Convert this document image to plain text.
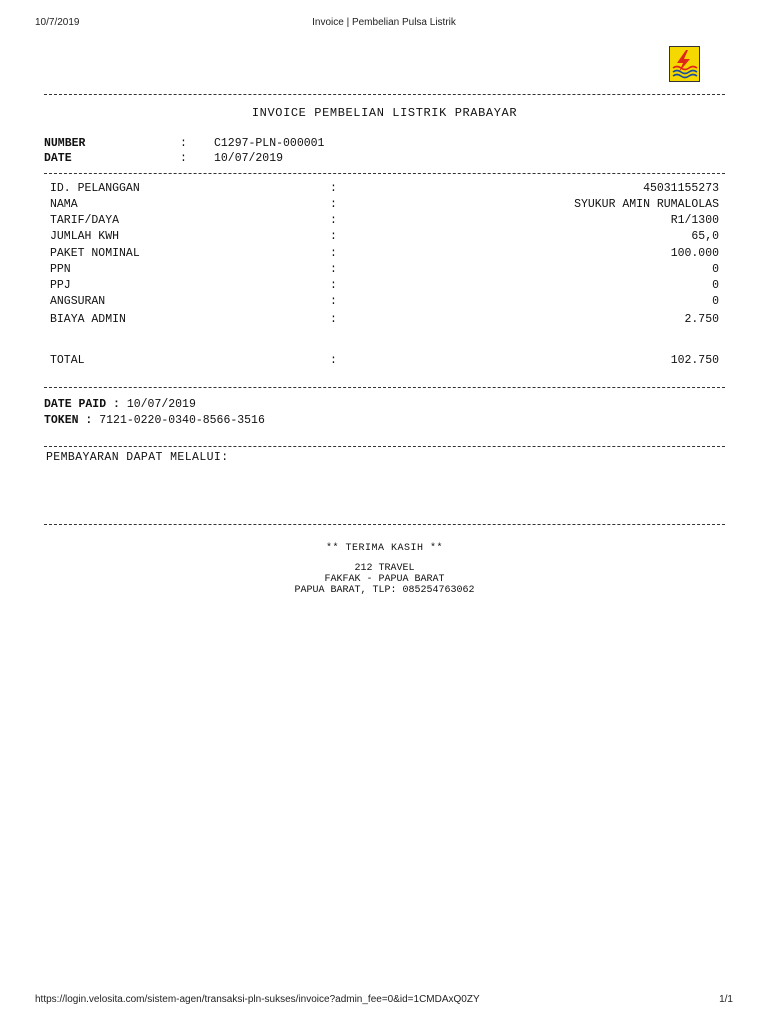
10/7/2019	Invoice | Pembelian Pulsa Listrik
INVOICE PEMBELIAN LISTRIK PRABAYAR
NUMBER	: C1297-PLN-000001
DATE	: 10/07/2019
ID. PELANGGAN	:	45031155273
NAMA	:	SYUKUR AMIN RUMALOLAS
TARIF/DAYA	:	R1/1300
JUMLAH KWH	:	65,0
PAKET NOMINAL	:	100.000
PPN	:	0
PPJ	:	0
ANGSURAN	:	0
BIAYA ADMIN	:	2.750
TOTAL	:	102.750
DATE PAID : 10/07/2019
TOKEN : 7121-0220-0340-8566-3516
PEMBAYARAN DAPAT MELALUI:
** TERIMA KASIH **
212 TRAVEL
FAKFAK - PAPUA BARAT
PAPUA BARAT, TLP: 085254763062
https://login.velosita.com/sistem-agen/transaksi-pln-sukses/invoice?admin_fee=0&id=1CMDAxQ0ZY	1/1
